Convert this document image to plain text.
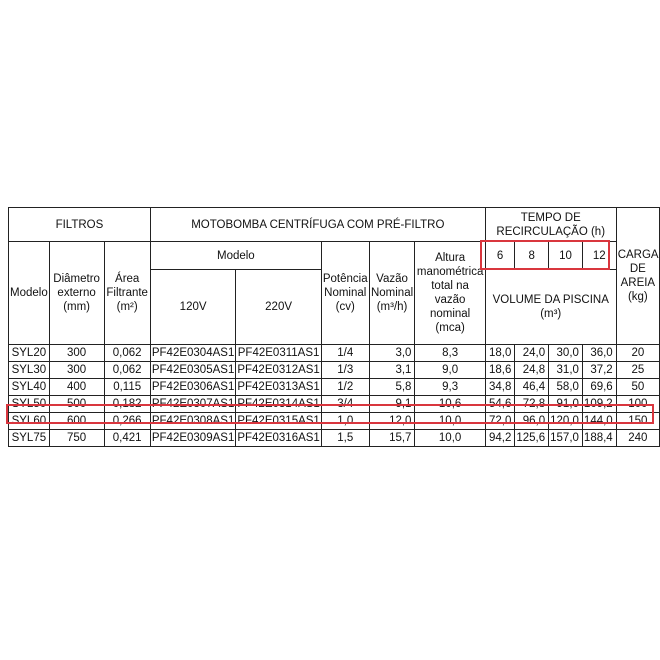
FILTROS			MOTOBOMBA CENTRÍFUGA COM PRÉ-FILTRO					TEMPO DE RECIRCULAÇÃO (h)				CARGA DE AREIA (kg)
Modelo	Diâmetro externo (mm)	Área Filtrante (m²)	Modelo		Potência Nominal (cv)	Vazão Nominal (m³/h)	Altura manométrica total na vazão nominal (mca)	6	8	10	12	
			120V	220V				VOLUME DA PISCINA (m³)				
SYL20	300	0,062	PF42E0304AS1	PF42E0311AS1	1/4	3,0	8,3	18,0	24,0	30,0	36,0	20
SYL30	300	0,062	PF42E0305AS1	PF42E0312AS1	1/3	3,1	9,0	18,6	24,8	31,0	37,2	25
SYL40	400	0,115	PF42E0306AS1	PF42E0313AS1	1/2	5,8	9,3	34,8	46,4	58,0	69,6	50
SYL50	500	0,182	PF42E0307AS1	PF42E0314AS1	3/4	9,1	10,6	54,6	72,8	91,0	109,2	100
SYL60	600	0,266	PF42E0308AS1	PF42E0315AS1	1,0	12,0	10,0	72,0	96,0	120,0	144,0	150
SYL75	750	0,421	PF42E0309AS1	PF42E0316AS1	1,5	15,7	10,0	94,2	125,6	157,0	188,4	240
